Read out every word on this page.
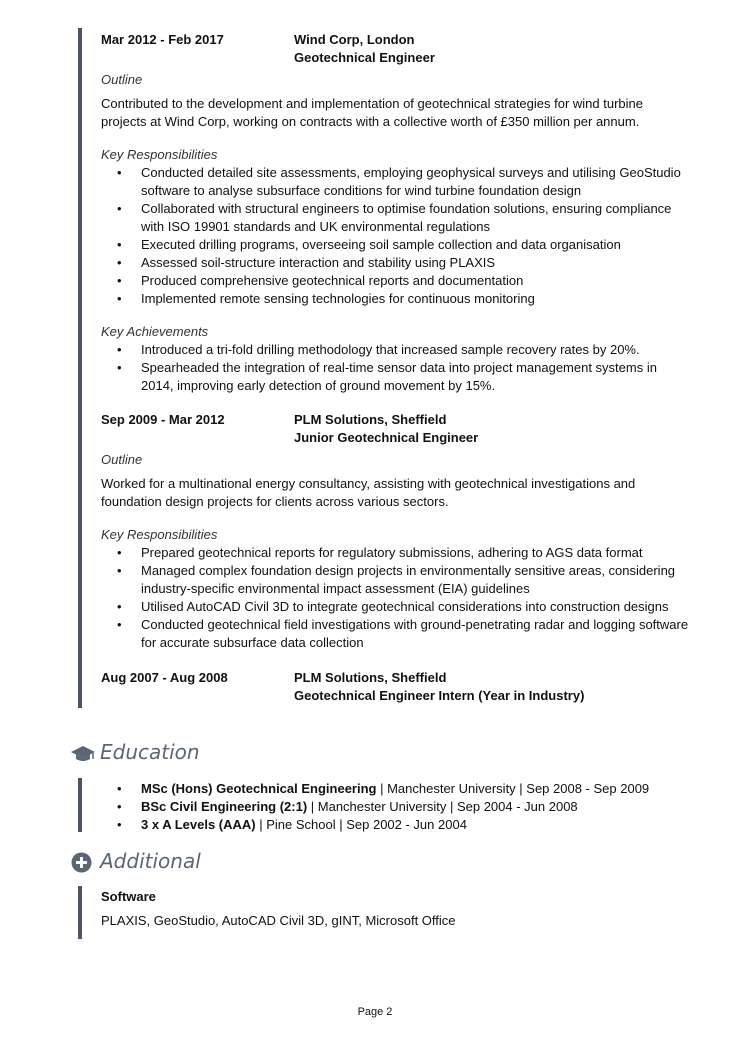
Mar 2012 - Feb 2017	Wind Corp, London
Geotechnical Engineer
Outline
Contributed to the development and implementation of geotechnical strategies for wind turbine projects at Wind Corp, working on contracts with a collective worth of £350 million per annum.
Key Responsibilities
• Conducted detailed site assessments, employing geophysical surveys and utilising GeoStudio software to analyse subsurface conditions for wind turbine foundation design
• Collaborated with structural engineers to optimise foundation solutions, ensuring compliance with ISO 19901 standards and UK environmental regulations
• Executed drilling programs, overseeing soil sample collection and data organisation
• Assessed soil-structure interaction and stability using PLAXIS
• Produced comprehensive geotechnical reports and documentation
• Implemented remote sensing technologies for continuous monitoring
Key Achievements
• Introduced a tri-fold drilling methodology that increased sample recovery rates by 20%.
• Spearheaded the integration of real-time sensor data into project management systems in 2014, improving early detection of ground movement by 15%.
Sep 2009 - Mar 2012	PLM Solutions, Sheffield
Junior Geotechnical Engineer
Outline
Worked for a multinational energy consultancy, assisting with geotechnical investigations and foundation design projects for clients across various sectors.
Key Responsibilities
• Prepared geotechnical reports for regulatory submissions, adhering to AGS data format
• Managed complex foundation design projects in environmentally sensitive areas, considering industry-specific environmental impact assessment (EIA) guidelines
• Utilised AutoCAD Civil 3D to integrate geotechnical considerations into construction designs
• Conducted geotechnical field investigations with ground-penetrating radar and logging software for accurate subsurface data collection
Aug 2007 - Aug 2008	PLM Solutions, Sheffield
Geotechnical Engineer Intern (Year in Industry)
Education
• MSc (Hons) Geotechnical Engineering | Manchester University | Sep 2008 - Sep 2009
• BSc Civil Engineering (2:1) | Manchester University | Sep 2004 - Jun 2008
• 3 x A Levels (AAA) | Pine School | Sep 2002 - Jun 2004
Additional
Software
PLAXIS, GeoStudio, AutoCAD Civil 3D, gINT, Microsoft Office
Page 2
